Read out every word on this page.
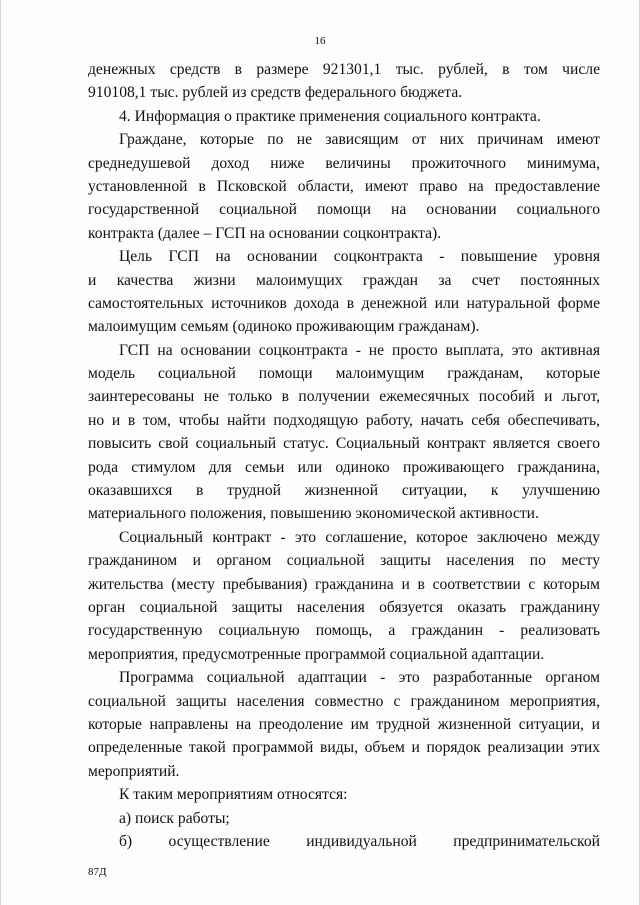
16
денежных средств в размере 921301,1 тыс. рублей, в том числе
910108,1 тыс. рублей из средств федерального бюджета.
4. Информация о практике применения социального контракта.
Граждане, которые по не зависящим от них причинам имеют
среднедушевой доход ниже величины прожиточного минимума,
установленной в Псковской области, имеют право на предоставление
государственной социальной помощи на основании социального
контракта (далее – ГСП на основании соцконтракта).
Цель ГСП на основании соцконтракта - повышение уровня
и качества жизни малоимущих граждан за счет постоянных
самостоятельных источников дохода в денежной или натуральной форме
малоимущим семьям (одиноко проживающим гражданам).
ГСП на основании соцконтракта - не просто выплата, это активная
модель социальной помощи малоимущим гражданам, которые
заинтересованы не только в получении ежемесячных пособий и льгот,
но и в том, чтобы найти подходящую работу, начать себя обеспечивать,
повысить свой социальный статус. Социальный контракт является своего
рода стимулом для семьи или одиноко проживающего гражданина,
оказавшихся в трудной жизненной ситуации, к улучшению
материального положения, повышению экономической активности.
Социальный контракт - это соглашение, которое заключено между
гражданином и органом социальной защиты населения по месту
жительства (месту пребывания) гражданина и в соответствии с которым
орган социальной защиты населения обязуется оказать гражданину
государственную социальную помощь, а гражданин - реализовать
мероприятия, предусмотренные программой социальной адаптации.
Программа социальной адаптации - это разработанные органом
социальной защиты населения совместно с гражданином мероприятия,
которые направлены на преодоление им трудной жизненной ситуации, и
определенные такой программой виды, объем и порядок реализации этих
мероприятий.
К таким мероприятиям относятся:
а) поиск работы;
б) осуществление индивидуальной предпринимательской
87Д
